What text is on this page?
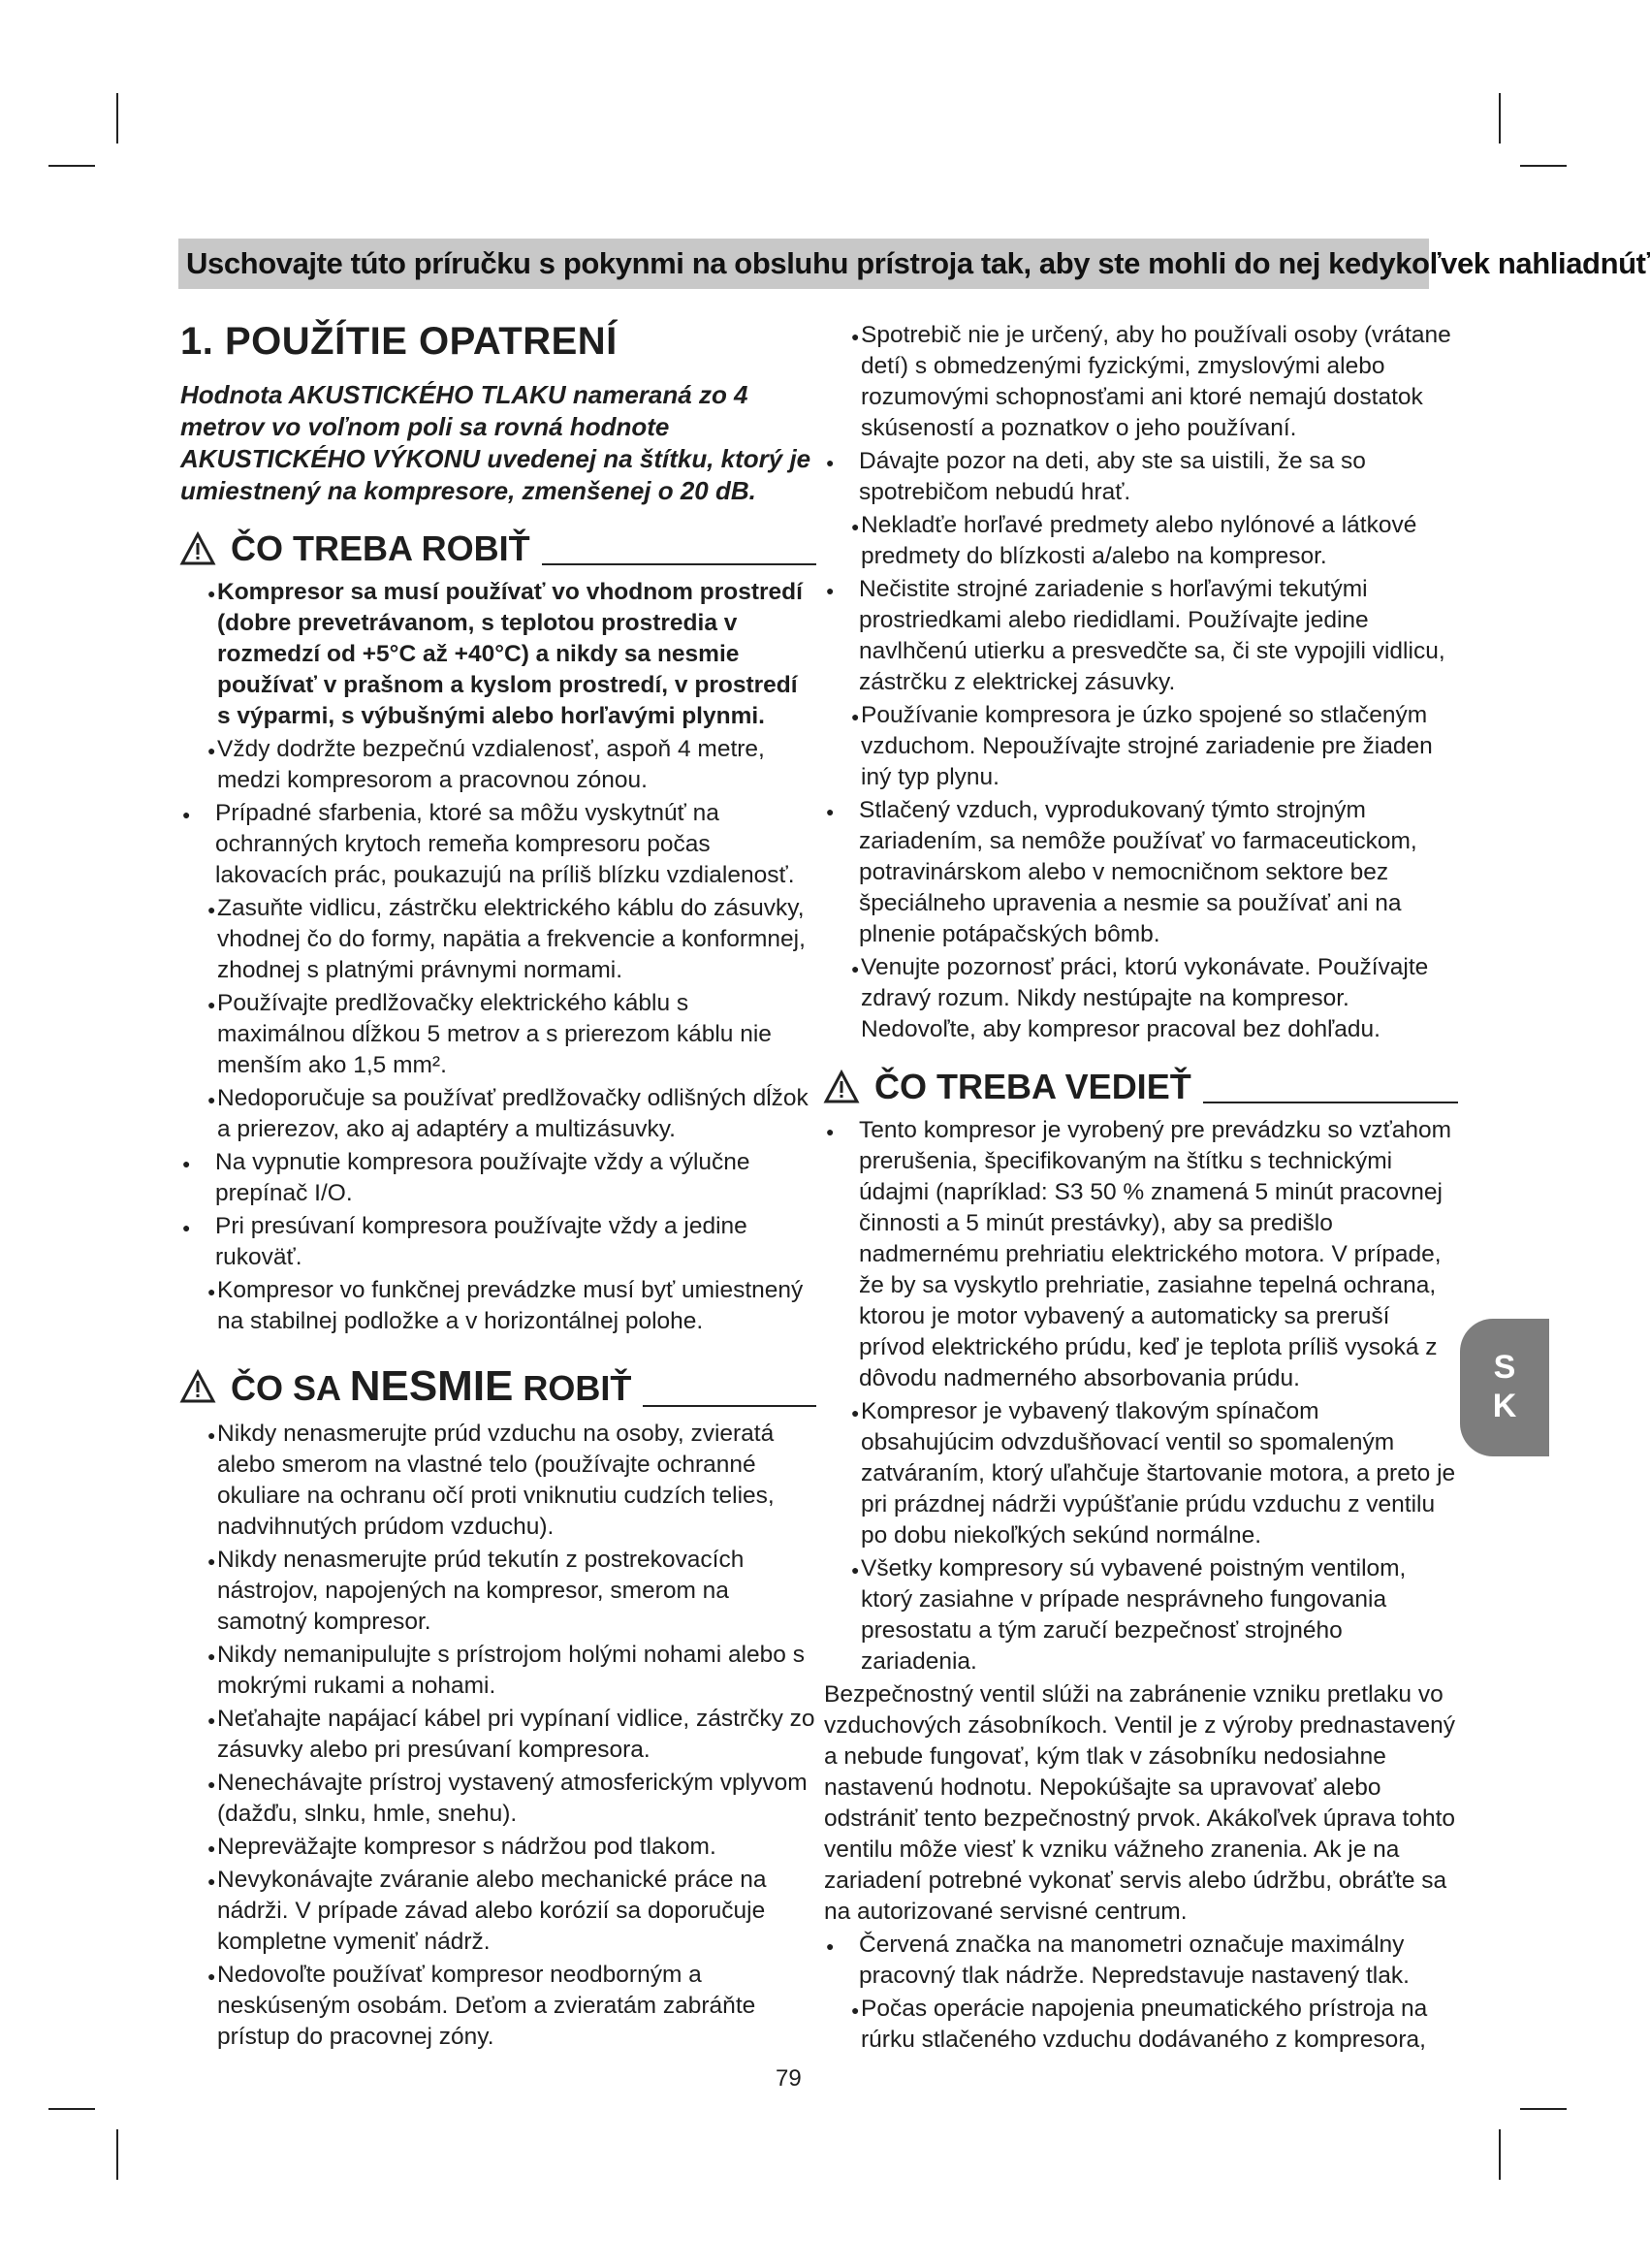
Uschovajte túto príručku s pokynmi na obsluhu prístroja tak, aby ste mohli do nej kedykoľvek nahliadnúť
1. POUŽÍTIE OPATRENÍ

Hodnota AKUSTICKÉHO TLAKU nameraná zo 4 metrov vo voľnom poli sa rovná hodnote AKUSTICKÉHO VÝKONU uvedenej na štítku, ktorý je umiestnený na kompresore, zmenšenej o 20 dB.

ČO TREBA ROBIŤ
● Kompresor sa musí používať vo vhodnom prostredí (dobre prevetrávanom, s teplotou prostredia v rozmedzí od +5°C až +40°C) a nikdy sa nesmie používať v prašnom a kyslom prostredí, v prostredí s výparmi, s výbušnými alebo horľavými plynmi.
● Vždy dodržte bezpečnú vzdialenosť, aspoň 4 metre, medzi kompresorom a pracovnou zónou.
● Prípadné sfarbenia, ktoré sa môžu vyskytnúť na ochranných krytoch remeňa kompresoru počas lakovacích prác, poukazujú na príliš blízku vzdialenosť.
● Zasuňte vidlicu, zástrčku elektrického káblu do zásuvky, vhodnej čo do formy, napätia a frekvencie a konformnej, zhodnej s platnými právnymi normami.
● Používajte predlžovačky elektrického káblu s maximálnou dĺžkou 5 metrov a s prierezom káblu nie menším ako 1,5 mm².
● Nedoporučuje sa používať predlžovačky odlišných dĺžok a prierezov, ako aj adaptéry a multizásuvky.
● Na vypnutie kompresora používajte vždy a výlučne prepínač I/O.
● Pri presúvaní kompresora používajte vždy a jedine rukoväť.
● Kompresor vo funkčnej prevádzke musí byť umiestnený na stabilnej podložke a v horizontálnej polohe.
ČO SA NESMIE ROBIŤ
● Nikdy nenasmerujte prúd vzduchu na osoby, zvieratá alebo smerom na vlastné telo (používajte ochranné okuliare na ochranu očí proti vniknutiu cudzích telies, nadvihnutých prúdom vzduchu).
● Nikdy nenasmerujte prúd tekutín z postrekovacích nástrojov, napojených na kompresor, smerom na samotný kompresor.
● Nikdy nemanipulujte s prístrojom holými nohami alebo s mokrými rukami a nohami.
● Neťahajte napájací kábel pri vypínaní vidlice, zástrčky zo zásuvky alebo pri presúvaní kompresora.
● Nenechávajte prístroj vystavený atmosferickým vplyvom (dažďu, slnku, hmle, snehu).
● Nepreväžajte kompresor s nádržou pod tlakom.
● Nevykonávajte zváranie alebo mechanické práce na nádrži. V prípade závad alebo korózií sa doporučuje kompletne vymeniť nádrž.
● Nedovoľte používať kompresor neodborným a neskúseným osobám. Deťom a zvieratám zabráňte prístup do pracovnej zóny.
● Spotrebič nie je určený, aby ho používali osoby (vrátane detí) s obmedzenými fyzickými, zmyslovými alebo rozumovými schopnosťami ani ktoré nemajú dostatok skúseností a poznatkov o jeho používaní.
● Dávajte pozor na deti, aby ste sa uistili, že sa so spotrebičom nebudú hrať.
● Nekladťe horľavé predmety alebo nylónové a látkové predmety do blízkosti a/alebo na kompresor.
● Nečistite strojné zariadenie s horľavými tekutými prostriedkami alebo riedidlami. Používajte jedine navlhčenú utierku a presvedčte sa, či ste vypojili vidlicu, zástrčku z elektrickej zásuvky.
● Používanie kompresora je úzko spojené so stlačeným vzduchom. Nepoužívajte strojné zariadenie pre žiaden iný typ plynu.
● Stlačený vzduch, vyprodukovaný týmto strojným zariadením, sa nemôže používať vo farmaceutickom, potravinárskom alebo v nemocničnom sektore bez špeciálneho upravenia a nesmie sa používať ani na plnenie potápačských bômb.
● Venujte pozornosť práci, ktorú vykonávate. Používajte zdravý rozum. Nikdy nestúpajte na kompresor. Nedovoľte, aby kompresor pracoval bez dohľadu.
ČO TREBA VEDIEŤ
● Tento kompresor je vyrobený pre prevádzku so vzťahom prerušenia, špecifikovaným na štítku s technickými údajmi (napríklad: S3 50 % znamená 5 minút pracovnej činnosti a 5 minút prestávky), aby sa predišlo nadmernému prehriatiu elektrického motora. V prípade, že by sa vyskytlo prehriatie, zasiahne tepelná ochrana, ktorou je motor vybavený a automaticky sa preruší prívod elektrického prúdu, keď je teplota príliš vysoká z dôvodu nadmerného absorbovania prúdu.
● Kompresor je vybavený tlakovým spínačom obsahujúcim odvzdušňovací ventil so spomaleným zatváraním, ktorý uľahčuje štartovanie motora, a preto je pri prázdnej nádrži vypúšťanie prúdu vzduchu z ventilu po dobu niekoľkých sekúnd normálne.
● Všetky kompresory sú vybavené poistným ventilom, ktorý zasiahne v prípade nesprávneho fungovania presostatu a tým zaručí bezpečnosť strojného zariadenia.
Bezpečnostný ventil slúži na zabránenie vzniku pretlaku vo vzduchových zásobníkoch. Ventil je z výroby prednastavený a nebude fungovať, kým tlak v zásobníku nedosiahne nastavenú hodnotu. Nepokúšajte sa upravovať alebo odstrániť tento bezpečnostný prvok. Akákoľvek úprava tohto ventilu môže viesť k vzniku vážneho zranenia. Ak je na zariadení potrebné vykonať servis alebo údržbu, obráťte sa na autorizované servisné centrum.
● Červená značka na manometri označuje maximálny pracovný tlak nádrže. Nepredstavuje nastavený tlak.
● Počas operácie napojenia pneumatického prístroja na rúrku stlačeného vzduchu dodávaného z kompresora,
S
K
79
